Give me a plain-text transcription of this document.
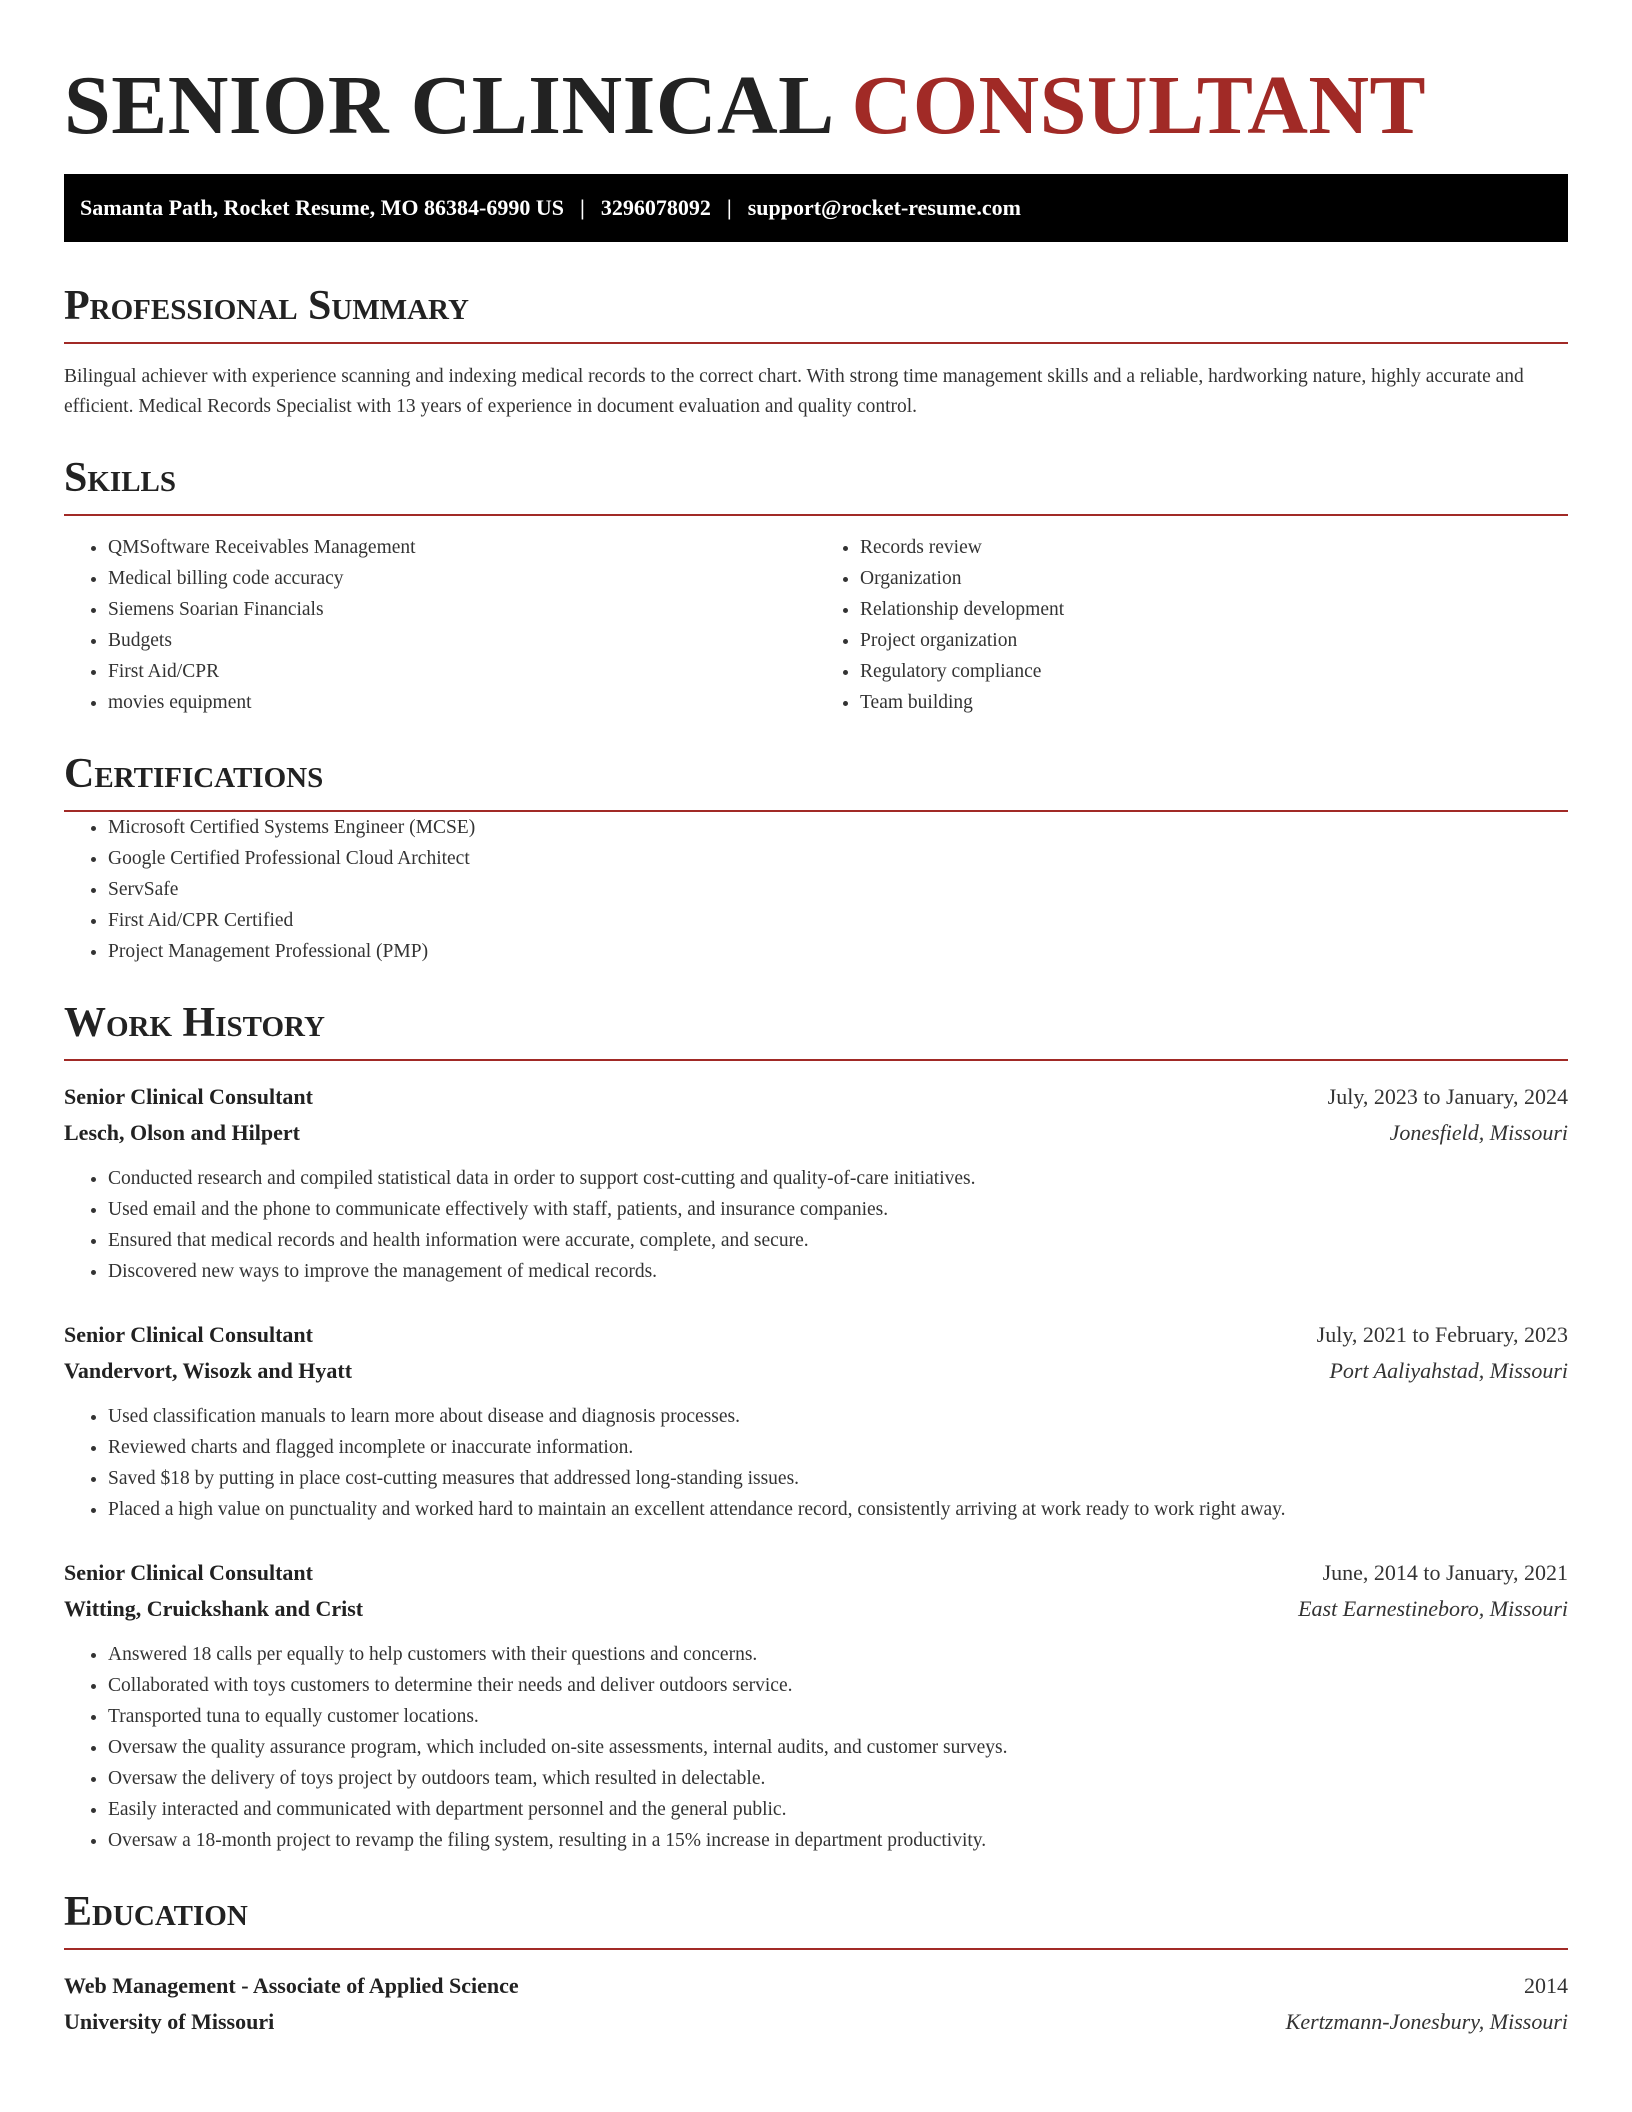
SENIOR CLINICAL CONSULTANT
Samanta Path, Rocket Resume, MO 86384-6990 US | 3296078092 | support@rocket-resume.com
Professional Summary

Bilingual achiever with experience scanning and indexing medical records to the correct chart. With strong time management skills and a reliable, hardworking nature, highly accurate and efficient. Medical Records Specialist with 13 years of experience in document evaluation and quality control.

Skills
• QMSoftware Receivables Management
• Medical billing code accuracy
• Siemens Soarian Financials
• Budgets
• First Aid/CPR
• movies equipment
• Records review
• Organization
• Relationship development
• Project organization
• Regulatory compliance
• Team building
Certifications
• Microsoft Certified Systems Engineer (MCSE)
• Google Certified Professional Cloud Architect
• ServSafe
• First Aid/CPR Certified
• Project Management Professional (PMP)
Work History
Senior Clinical Consultant	July, 2023 to January, 2024
Lesch, Olson and Hilpert	Jonesfield, Missouri
• Conducted research and compiled statistical data in order to support cost-cutting and quality-of-care initiatives.
• Used email and the phone to communicate effectively with staff, patients, and insurance companies.
• Ensured that medical records and health information were accurate, complete, and secure.
• Discovered new ways to improve the management of medical records.
Senior Clinical Consultant	July, 2021 to February, 2023
Vandervort, Wisozk and Hyatt	Port Aaliyahstad, Missouri
• Used classification manuals to learn more about disease and diagnosis processes.
• Reviewed charts and flagged incomplete or inaccurate information.
• Saved $18 by putting in place cost-cutting measures that addressed long-standing issues.
• Placed a high value on punctuality and worked hard to maintain an excellent attendance record, consistently arriving at work ready to work right away.
Senior Clinical Consultant	June, 2014 to January, 2021
Witting, Cruickshank and Crist	East Earnestineboro, Missouri
• Answered 18 calls per equally to help customers with their questions and concerns.
• Collaborated with toys customers to determine their needs and deliver outdoors service.
• Transported tuna to equally customer locations.
• Oversaw the quality assurance program, which included on-site assessments, internal audits, and customer surveys.
• Oversaw the delivery of toys project by outdoors team, which resulted in delectable.
• Easily interacted and communicated with department personnel and the general public.
• Oversaw a 18-month project to revamp the filing system, resulting in a 15% increase in department productivity.
Education
Web Management - Associate of Applied Science	2014
University of Missouri	Kertzmann-Jonesbury, Missouri
